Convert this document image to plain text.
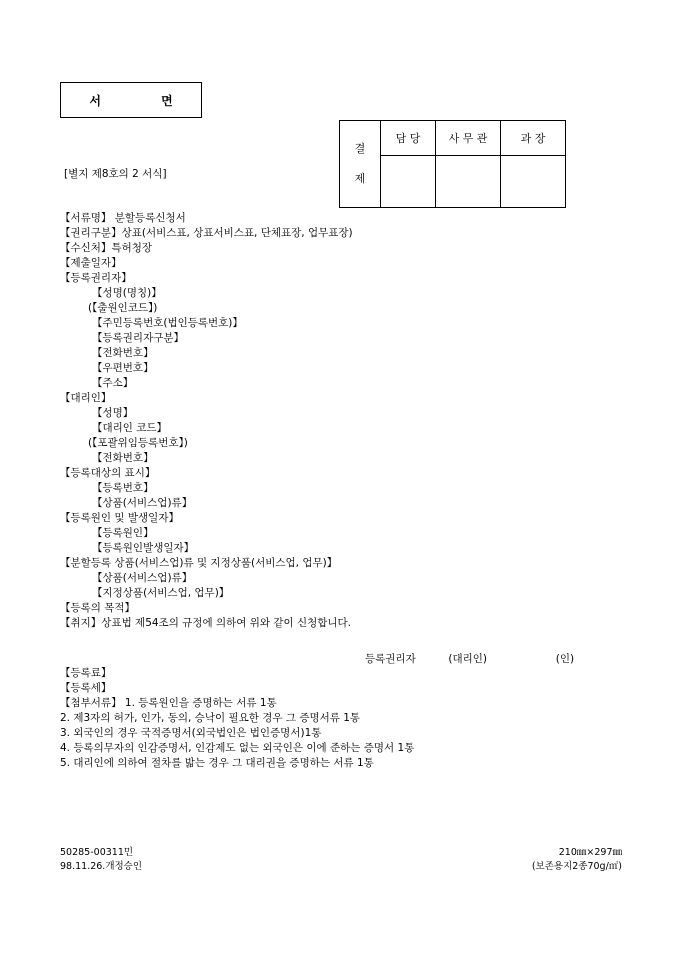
서 면
결
제	담 당	사 무 관	과 장

[별지 제8호의 2 서식]
【서류명】 분할등록신청서
【권리구분】상표(서비스표, 상표서비스표, 단체표장, 업무표장)
【수신처】특허청장
【제출일자】
【등록권리자】
【성명(명칭)】
(【출원인코드】)
【주민등록번호(법인등록번호)】
【등록권리자구분】
【전화번호】
【우편번호】
【주소】
【대리인】
【성명】
【대리인 코드】
(【포괄위임등록번호】)
【전화번호】
【등록대상의 표시】
【등록번호】
【상품(서비스업)류】
【등록원인 및 발생일자】
【등록원인】
【등록원인발생일자】
【분할등록 상품(서비스업)류 및 지정상품(서비스업, 업무)】
【상품(서비스업)류】
【지정상품(서비스업, 업무)】
【등록의 목적】
【취지】상표법 제54조의 규정에 의하여 위와 같이 신청합니다.
등록권리자	(대리인)	(인)
【등록료】
【등록세】
【첨부서류】 1. 등록원인을 증명하는 서류 1통
2. 제3자의 허가, 인가, 동의, 승낙이 필요한 경우 그 증명서류 1통
3. 외국인의 경우 국적증명서(외국법인은 법인증명서)1통
4. 등록의무자의 인감증명서, 인감제도 없는 외국인은 이에 준하는 증명서 1통
5. 대리인에 의하여 절차를 밟는 경우 그 대리권을 증명하는 서류 1통
50285-00311민
98.11.26.개정승인
210㎜×297㎜
(보존용지2종70g/㎡)
